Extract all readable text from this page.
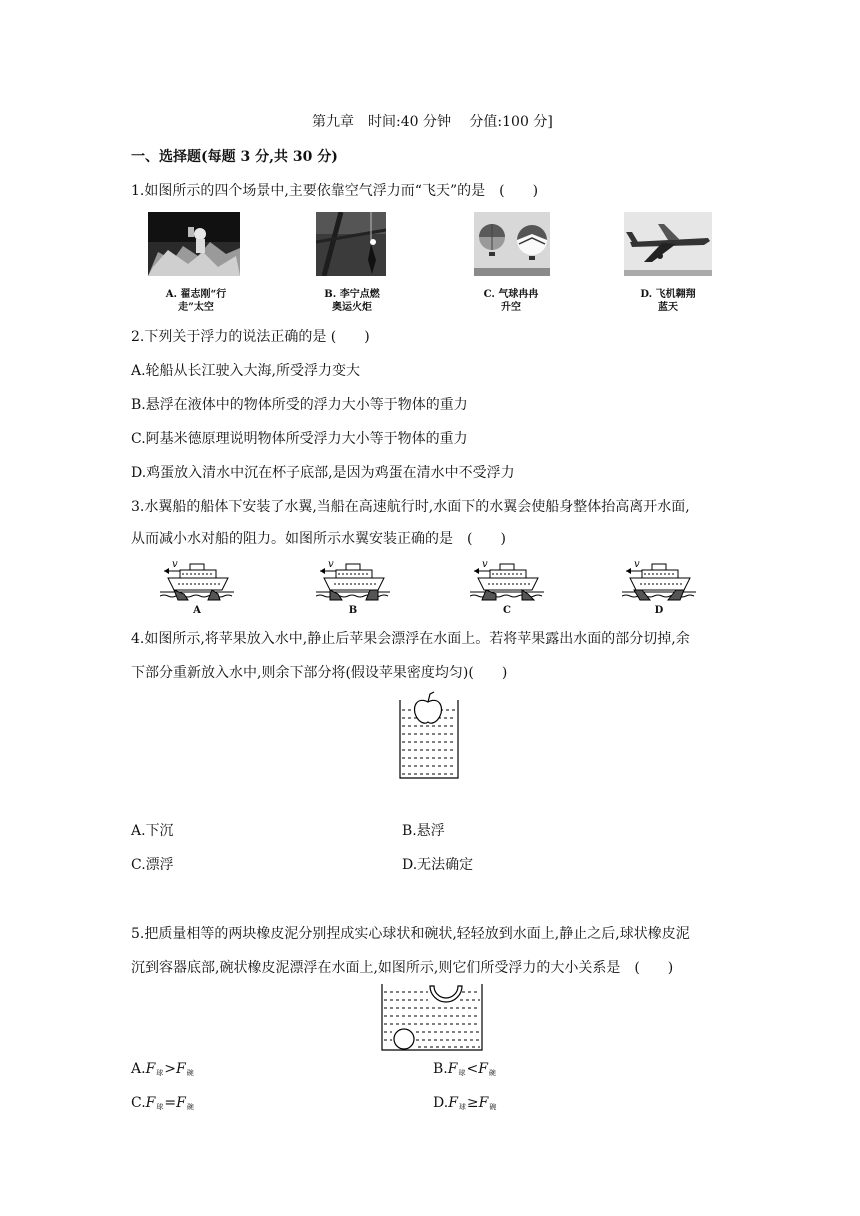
第九章　时间:40 分钟　 分值:100 分]
一、选择题(每题 3 分,共 30 分)
1.如图所示的四个场景中,主要依靠空气浮力而“飞天”的是　(　　)
A. 翟志刚“行
走”太空
B. 李宁点燃
奥运火炬
C. 气球冉冉
升空
D. 飞机翱翔
蓝天
2.下列关于浮力的说法正确的是 (　　)
A.轮船从长江驶入大海,所受浮力变大
B.悬浮在液体中的物体所受的浮力大小等于物体的重力
C.阿基米德原理说明物体所受浮力大小等于物体的重力
D.鸡蛋放入清水中沉在杯子底部,是因为鸡蛋在清水中不受浮力
3.水翼船的船体下安装了水翼,当船在高速航行时,水面下的水翼会使船身整体抬高离开水面,
从而减小水对船的阻力。如图所示水翼安装正确的是　(　　)
v
A
v
B
v
C
v
D
4.如图所示,将苹果放入水中,静止后苹果会漂浮在水面上。若将苹果露出水面的部分切掉,余
下部分重新放入水中,则余下部分将(假设苹果密度均匀)(　　)
A.下沉	B.悬浮
C.漂浮	D.无法确定
5.把质量相等的两块橡皮泥分别捏成实心球状和碗状,轻轻放到水面上,静止之后,球状橡皮泥
沉到容器底部,碗状橡皮泥漂浮在水面上,如图所示,则它们所受浮力的大小关系是　(　　)
$A.F_球>F_碗$	$B.F_球<F_碗$
$C.F_球=F_碗$	$D.F_球\ge F_碗$
